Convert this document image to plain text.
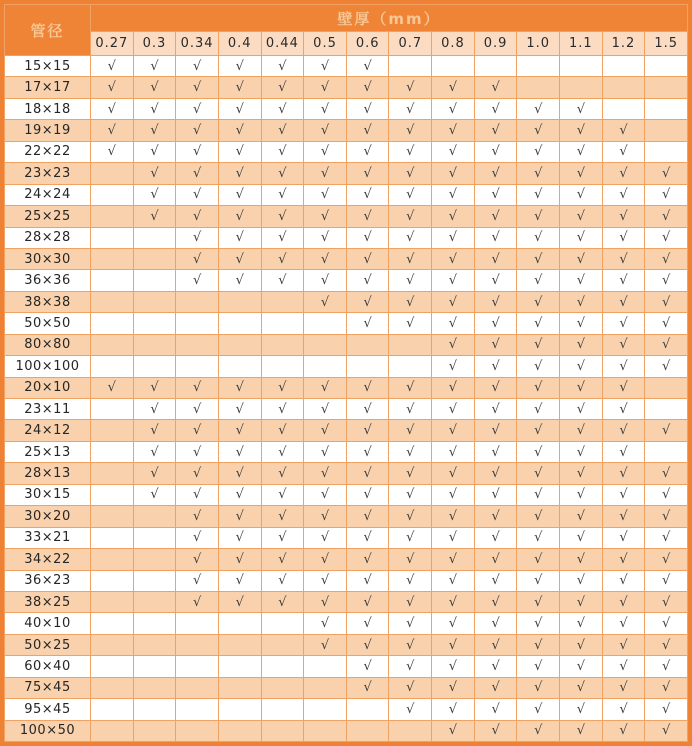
管径	壁厚（mm）													
	0.27	0.3	0.34	0.4	0.44	0.5	0.6	0.7	0.8	0.9	1.0	1.1	1.2	1.5
15×15	√	√	√	√	√	√	√							
17×17	√	√	√	√	√	√	√	√	√	√				
18×18	√	√	√	√	√	√	√	√	√	√	√	√		
19×19	√	√	√	√	√	√	√	√	√	√	√	√	√	
22×22	√	√	√	√	√	√	√	√	√	√	√	√	√	
23×23		√	√	√	√	√	√	√	√	√	√	√	√	√
24×24		√	√	√	√	√	√	√	√	√	√	√	√	√
25×25		√	√	√	√	√	√	√	√	√	√	√	√	√
28×28			√	√	√	√	√	√	√	√	√	√	√	√
30×30			√	√	√	√	√	√	√	√	√	√	√	√
36×36			√	√	√	√	√	√	√	√	√	√	√	√
38×38						√	√	√	√	√	√	√	√	√
50×50							√	√	√	√	√	√	√	√
80×80									√	√	√	√	√	√
100×100									√	√	√	√	√	√
20×10	√	√	√	√	√	√	√	√	√	√	√	√	√	
23×11		√	√	√	√	√	√	√	√	√	√	√	√	
24×12		√	√	√	√	√	√	√	√	√	√	√	√	√
25×13		√	√	√	√	√	√	√	√	√	√	√	√	
28×13		√	√	√	√	√	√	√	√	√	√	√	√	√
30×15		√	√	√	√	√	√	√	√	√	√	√	√	√
30×20			√	√	√	√	√	√	√	√	√	√	√	√
33×21			√	√	√	√	√	√	√	√	√	√	√	√
34×22			√	√	√	√	√	√	√	√	√	√	√	√
36×23			√	√	√	√	√	√	√	√	√	√	√	√
38×25			√	√	√	√	√	√	√	√	√	√	√	√
40×10						√	√	√	√	√	√	√	√	√
50×25						√	√	√	√	√	√	√	√	√
60×40							√	√	√	√	√	√	√	√
75×45							√	√	√	√	√	√	√	√
95×45								√	√	√	√	√	√	√
100×50									√	√	√	√	√	√
